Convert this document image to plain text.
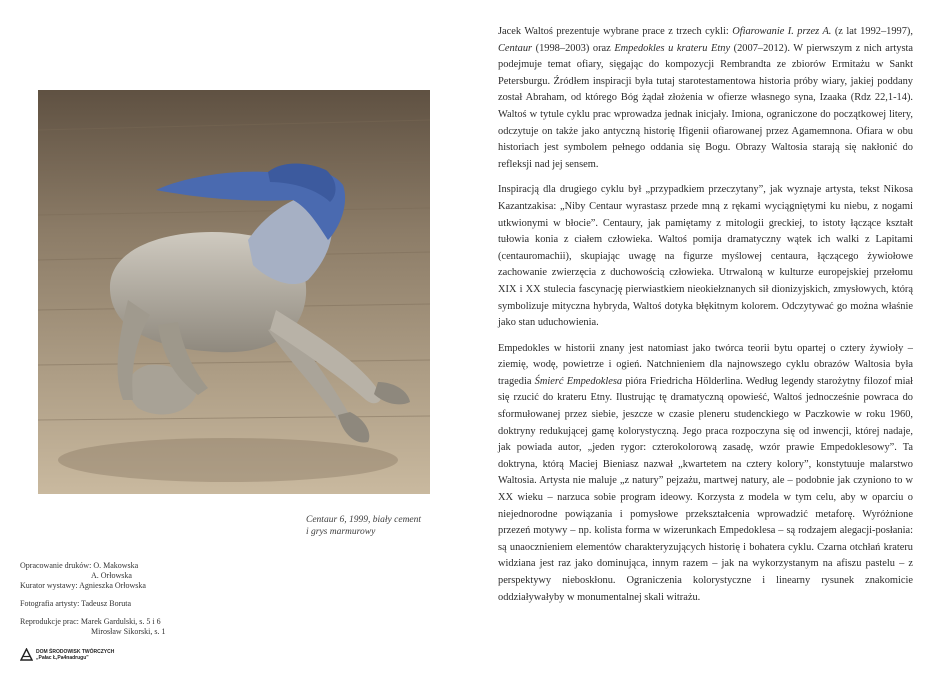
Centaur 6, 1999, biały cement
i grys marmurowy
Opracowanie druków: O. Makowska
A. Orłowska
Kurator wystawy: Agnieszka Orłowska
Fotografia artysty: Tadeusz Boruta
Reprodukcje prac: Marek Gardulski, s. 5 i 6
Mirosław Sikorski, s. 1
DOM ŚRODOWISK TWÓRCZYCH
„Pałac Ł,Pa4nadrugu"

Jacek Waltoś prezentuje wybrane prace z trzech cykli: Ofiarowanie I. przez A. (z lat 1992–1997), Centaur (1998–2003) oraz Empedokles u krateru Etny (2007–2012). W pierwszym z nich artysta podejmuje temat ofiary, sięgając do kompozycji Rembrandta ze zbiorów Ermitażu w Sankt Petersburgu. Źródłem inspiracji była tutaj starotestamentowa historia próby wiary, jakiej poddany został Abraham, od którego Bóg żądał złożenia w ofierze własnego syna, Izaaka (Rdz 22,1-14). Waltoś w tytule cyklu prac wprowadza jednak inicjały. Imiona, ograniczone do początkowej litery, odczytuje on także jako antyczną historię Ifigenii ofiarowanej przez Agamemnona. Ofiara w obu historiach jest symbolem pełnego oddania się Bogu. Obrazy Waltosia starają się nakłonić do refleksji nad jej sensem.

Inspiracją dla drugiego cyklu był „przypadkiem przeczytany”, jak wyznaje artysta, tekst Nikosa Kazantzakisa: „Niby Centaur wyrastasz przede mną z rękami wyciągniętymi ku niebu, z nogami utkwionymi w błocie”. Centaury, jak pamiętamy z mitologii greckiej, to istoty łączące kształt tułowia konia z ciałem człowieka. Waltoś pomija dramatyczny wątek ich walki z Lapitami (centauromachii), skupiając uwagę na figurze myślowej centaura, łączącego żywiołowe zachowanie zwierzęcia z duchowością człowieka. Utrwaloną w kulturze europejskiej przełomu XIX i XX stulecia fascynację pierwiastkiem nieokiełznanych sił dionizyjskich, zmysłowych, którą symbolizuje mityczna hybryda, Waltoś dotyka błękitnym kolorem. Odczytywać go można właśnie jako stan uduchowienia.

Empedokles w historii znany jest natomiast jako twórca teorii bytu opartej o cztery żywioły – ziemię, wodę, powietrze i ogień. Natchnieniem dla najnowszego cyklu obrazów Waltosia była tragedia Śmierć Empedoklesa pióra Friedricha Hölderlina. Według legendy starożytny filozof miał się rzucić do krateru Etny. Ilustrując tę dramatyczną opowieść, Waltoś jednocześnie powraca do sformułowanej przez siebie, jeszcze w czasie pleneru studenckiego w Paczkowie w roku 1960, doktryny redukującej gamę kolorystyczną. Jego praca rozpoczyna się od inwencji, której nadaje, jak powiada autor, „jeden rygor: czterokolorową zasadę, wzór prawie Empedoklesowy”. Ta doktryna, którą Maciej Bieniasz nazwał „kwartetem na cztery kolory”, konstytuuje malarstwo Waltosia. Artysta nie maluje „z natury” pejzażu, martwej natury, ale – podobnie jak czyniono to w XX wieku – narzuca sobie program ideowy. Korzysta z modela w tym celu, aby w oparciu o niejednorodne powiązania i pomysłowe przekształcenia wprowadzić metaforę. Wyróżnione przezeń motywy – np. kolista forma w wizerunkach Empedoklesa – są rodzajem alegacji-posłania: są unaocznieniem elementów charakteryzujących historię i bohatera cyklu. Czarna otchłań krateru widziana jest raz jako dominująca, innym razem – jak na wykorzystanym na afiszu pastelu – z perspektywy nieboskłonu. Ograniczenia kolorystyczne i linearny rysunek znakomicie oddziaływałyby w monumentalnej skali witrażu.
